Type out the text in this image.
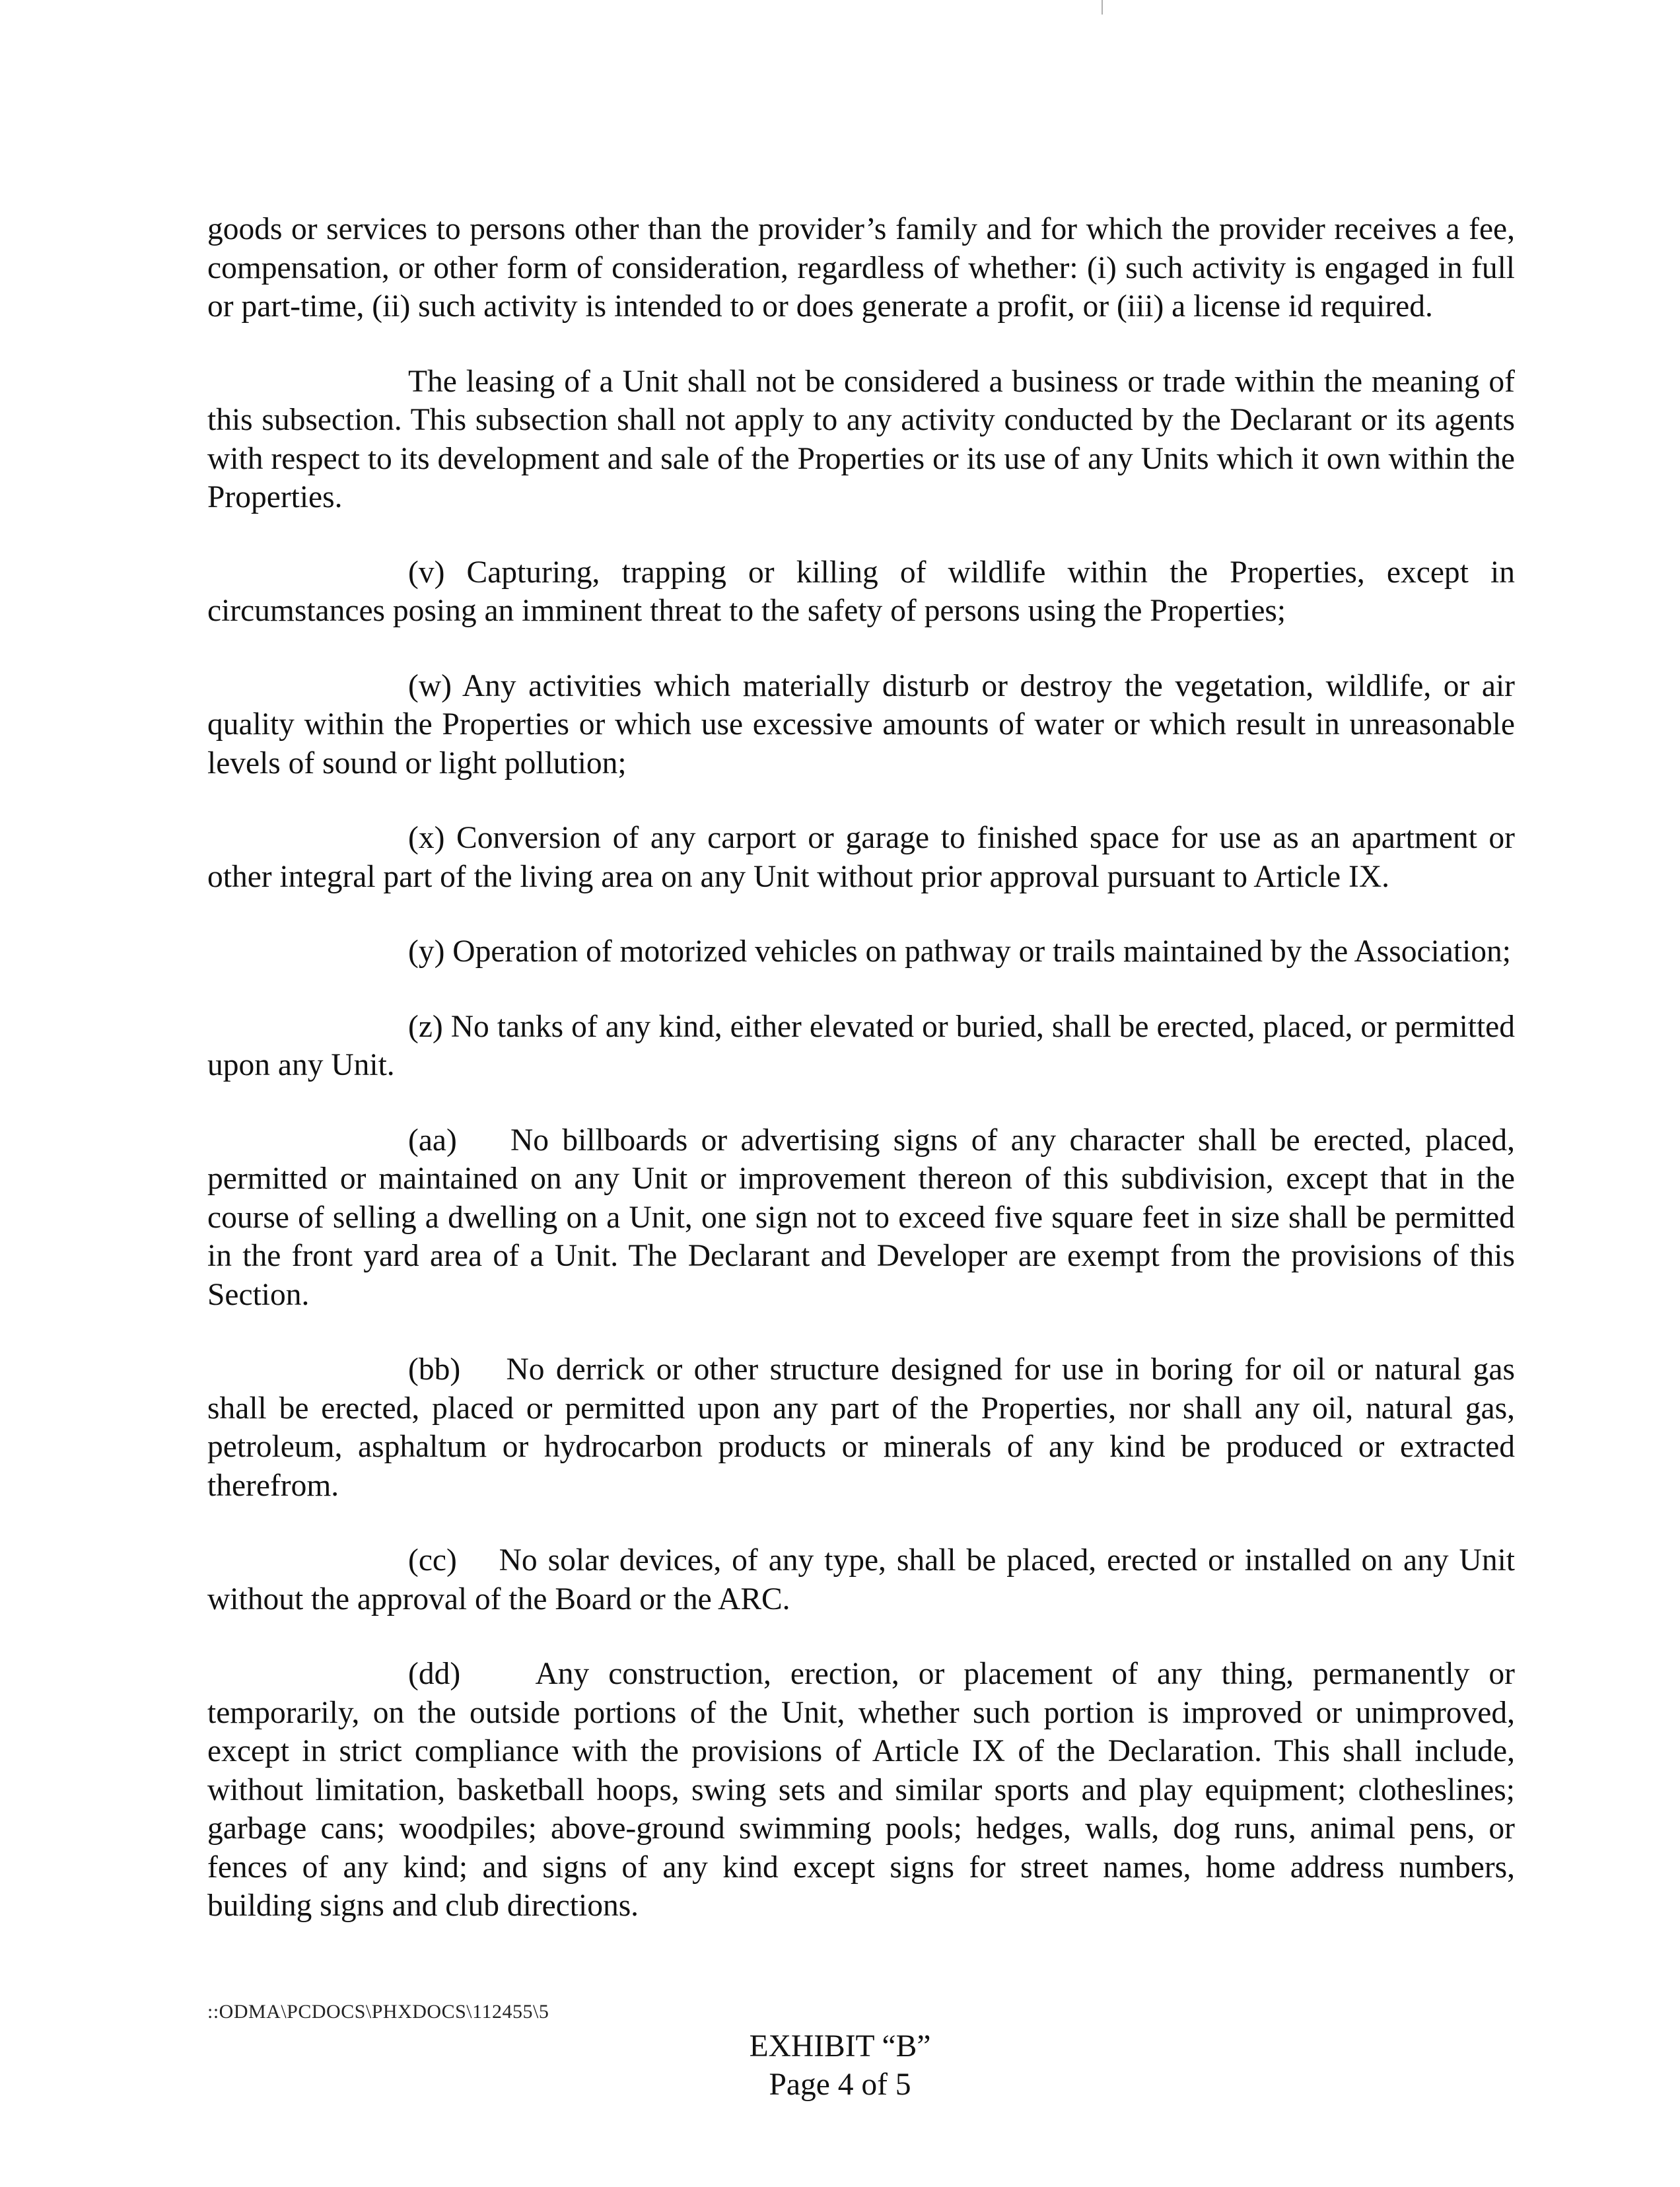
goods or services to persons other than the provider’s family and for which the provider receives a fee, compensation, or other form of consideration, regardless of whether: (i) such activity is engaged in full or part-time, (ii) such activity is intended to or does generate a profit, or (iii) a license id required.

The leasing of a Unit shall not be considered a business or trade within the meaning of this subsection. This subsection shall not apply to any activity conducted by the Declarant or its agents with respect to its development and sale of the Properties or its use of any Units which it own within the Properties.

(v) Capturing, trapping or killing of wildlife within the Properties, except in circumstances posing an imminent threat to the safety of persons using the Properties;

(w) Any activities which materially disturb or destroy the vegetation, wildlife, or air quality within the Properties or which use excessive amounts of water or which result in unreasonable levels of sound or light pollution;

(x) Conversion of any carport or garage to finished space for use as an apartment or other integral part of the living area on any Unit without prior approval pursuant to Article IX.

(y) Operation of motorized vehicles on pathway or trails maintained by the Association;

(z) No tanks of any kind, either elevated or buried, shall be erected, placed, or permitted upon any Unit.

(aa)    No billboards or advertising signs of any character shall be erected, placed, permitted or maintained on any Unit or improvement thereon of this subdivision, except that in the course of selling a dwelling on a Unit, one sign not to exceed five square feet in size shall be permitted in the front yard area of a Unit. The Declarant and Developer are exempt from the provisions of this Section.

(bb)    No derrick or other structure designed for use in boring for oil or natural gas shall be erected, placed or permitted upon any part of the Properties, nor shall any oil, natural gas, petroleum, asphaltum or hydrocarbon products or minerals of any kind be produced or extracted therefrom.

(cc)    No solar devices, of any type, shall be placed, erected or installed on any Unit without the approval of the Board or the ARC.

(dd)    Any construction, erection, or placement of any thing, permanently or temporarily, on the outside portions of the Unit, whether such portion is improved or unimproved, except in strict compliance with the provisions of Article IX of the Declaration. This shall include, without limitation, basketball hoops, swing sets and similar sports and play equipment; clotheslines; garbage cans; woodpiles; above-ground swimming pools; hedges, walls, dog runs, animal pens, or fences of any kind; and signs of any kind except signs for street names, home address numbers, building signs and club directions.

::ODMA\PCDOCS\PHXDOCS\112455\5
EXHIBIT “B”
Page 4 of 5
